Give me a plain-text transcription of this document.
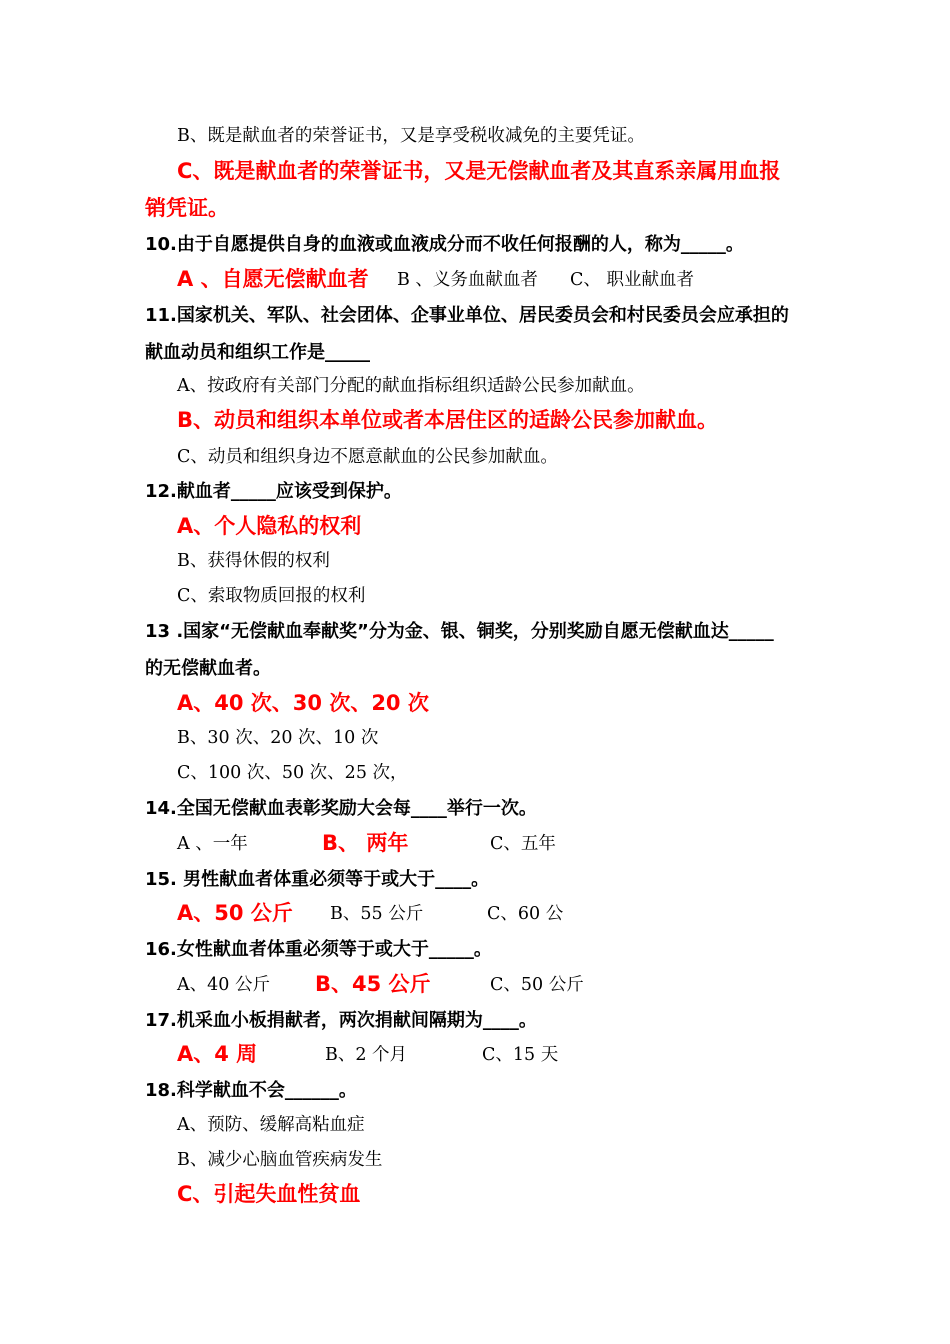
B、既是献血者的荣誉证书，又是享受税收减免的主要凭证。
C、既是献血者的荣誉证书，又是无偿献血者及其直系亲属用血报
销凭证。
10.由于自愿提供自身的血液或血液成分而不收任何报酬的人，称为_____。
A 、自愿无偿献血者 B 、义务血献血者 C、 职业献血者
11.国家机关、军队、社会团体、企事业单位、居民委员会和村民委员会应承担的
献血动员和组织工作是_____
A、按政府有关部门分配的献血指标组织适龄公民参加献血。
B、动员和组织本单位或者本居住区的适龄公民参加献血。
C、动员和组织身边不愿意献血的公民参加献血。
12.献血者_____应该受到保护。
A、个人隐私的权利
B、获得休假的权利
C、索取物质回报的权利
13 .国家“无偿献血奉献奖”分为金、银、铜奖，分别奖励自愿无偿献血达_____
的无偿献血者。
A、40 次、30 次、20 次
B、30 次、20 次、10 次
C、100 次、50 次、25 次，
14.全国无偿献血表彰奖励大会每____举行一次。
A 、一年	B、 两年	C、五年
15. 男性献血者体重必须等于或大于____。
A、50 公斤 B、55 公斤	C、60 公
16.女性献血者体重必须等于或大于_____。
A、40 公斤 B、45 公斤	C、50 公斤
17.机采血小板捐献者，两次捐献间隔期为____。
A、4 周	B、2 个月	C、15 天
18.科学献血不会______。
A、预防、缓解高粘血症
B、减少心脑血管疾病发生
C、引起失血性贫血
